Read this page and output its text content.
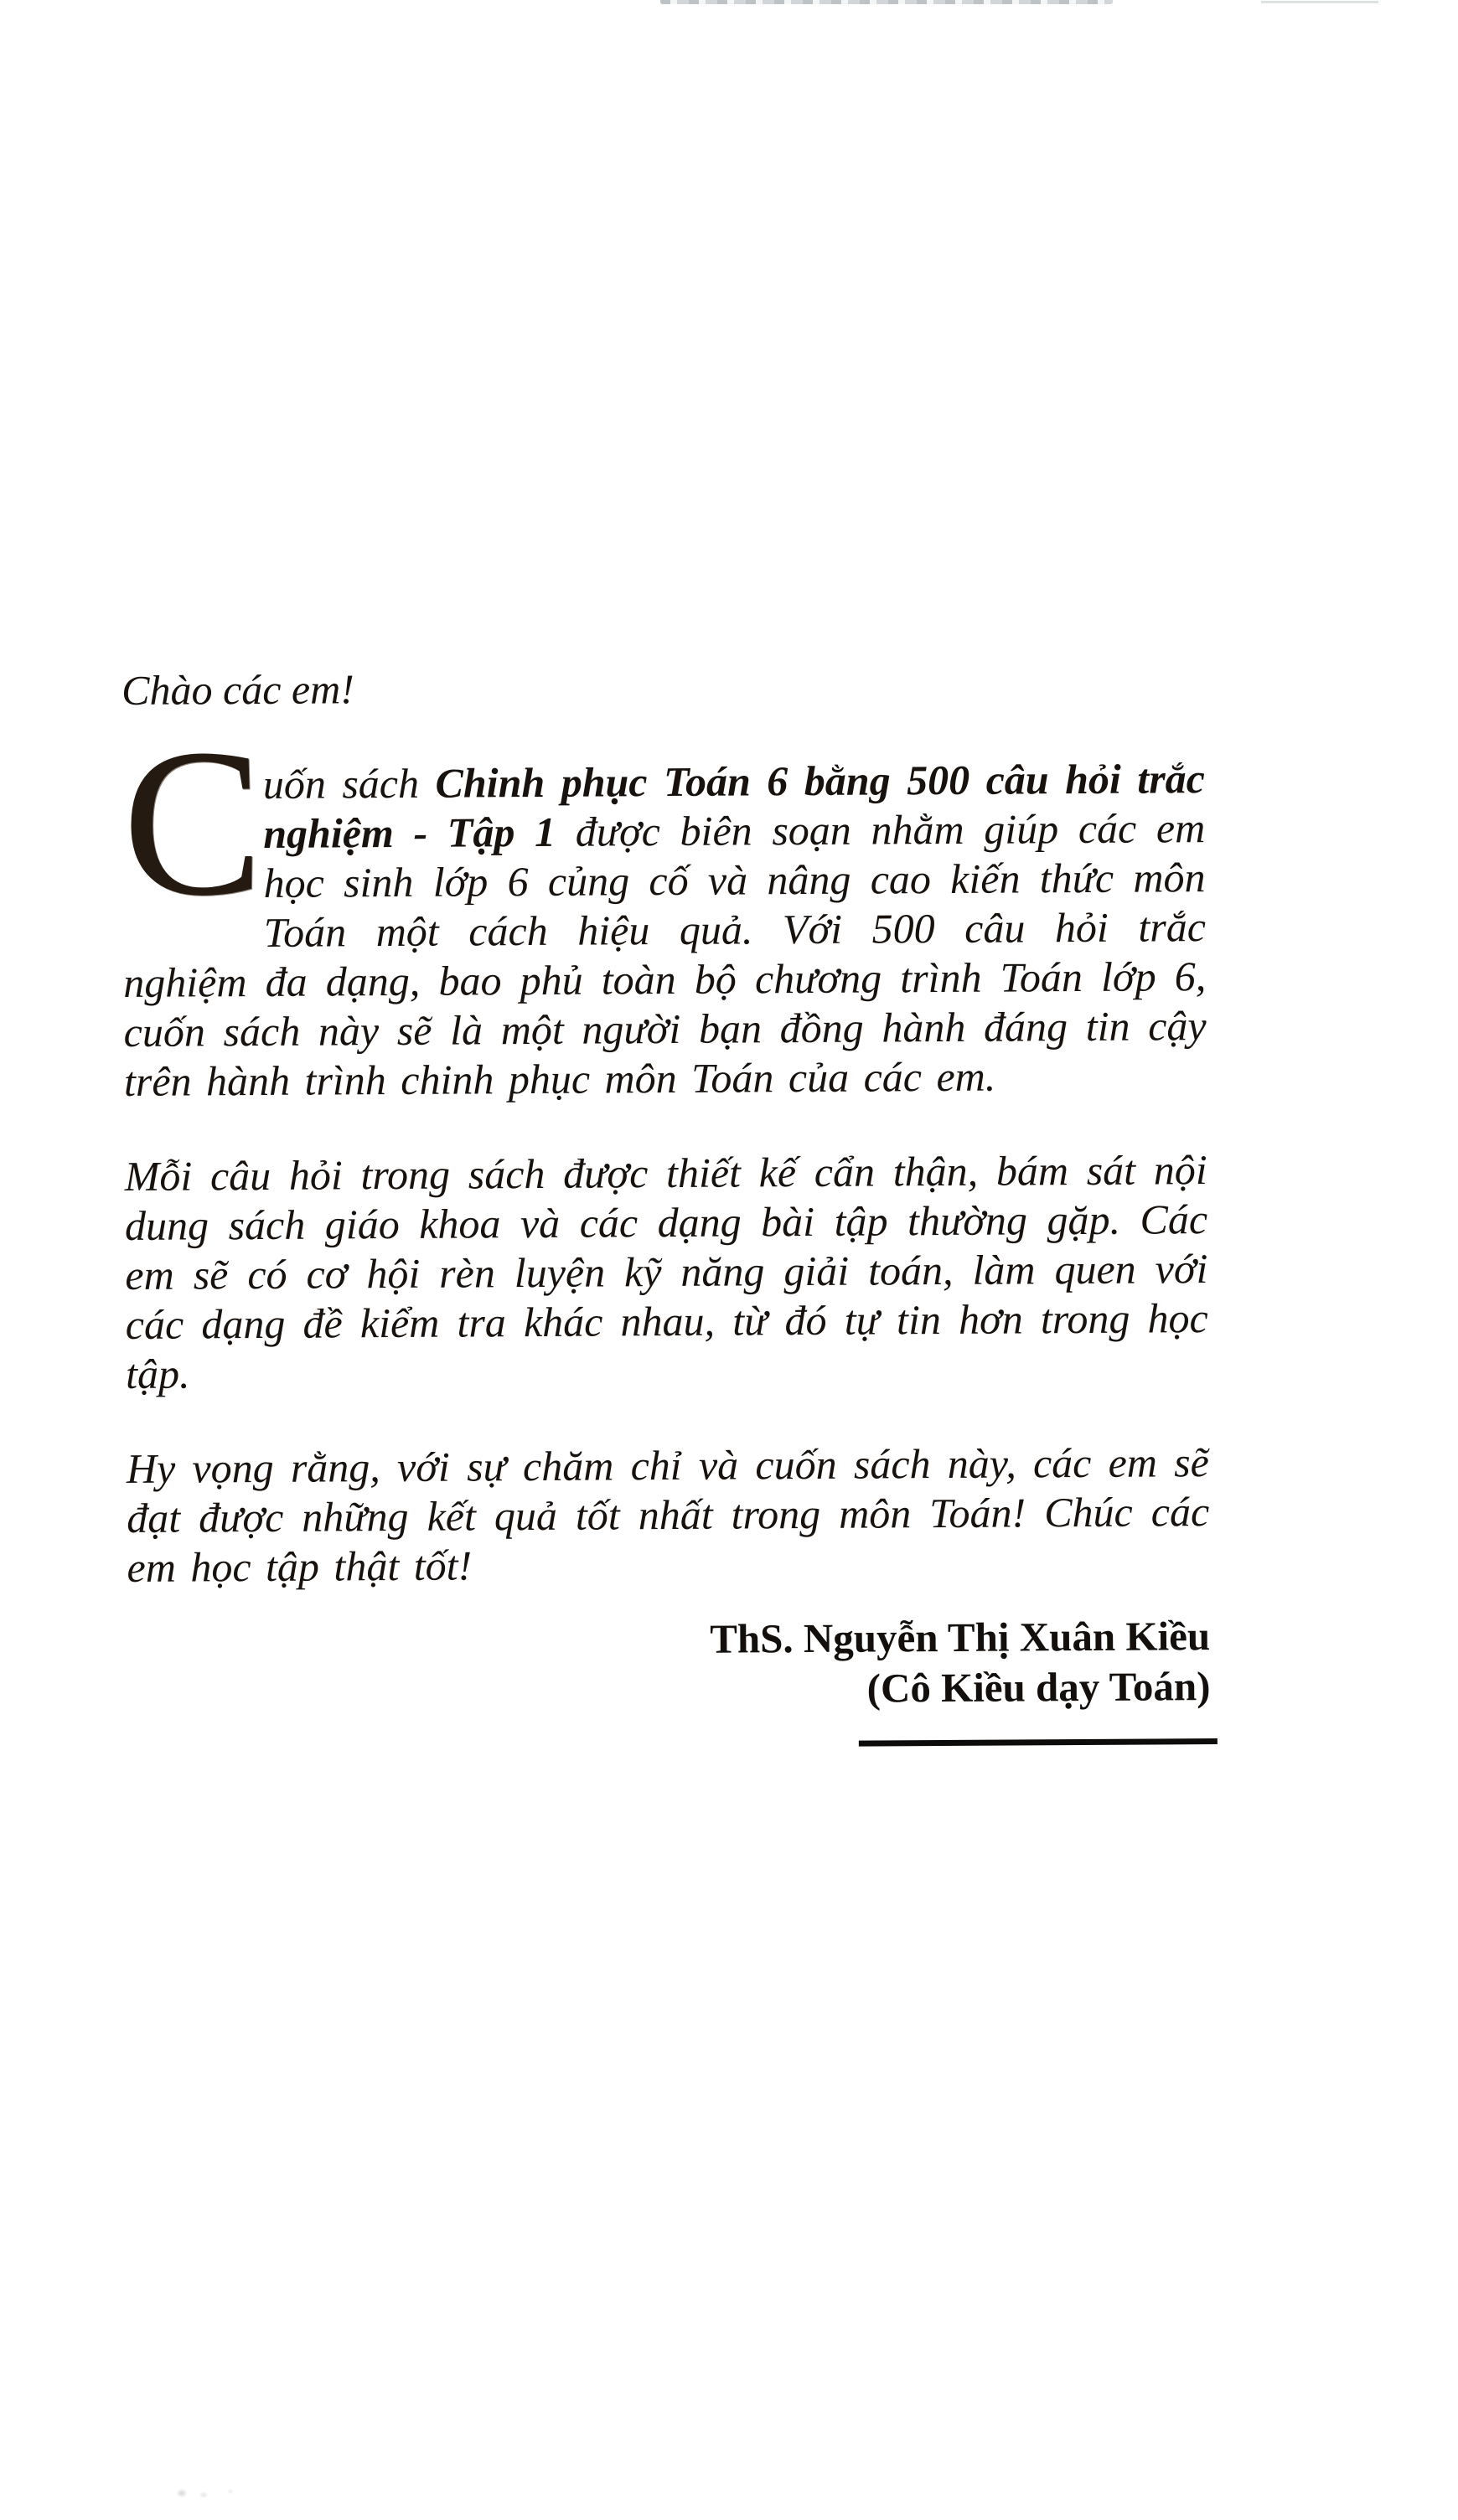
Chào các em!

C
uốn sách Chinh phục Toán 6 bằng 500 câu hỏi trắc nghiệm - Tập 1 được biên soạn nhằm giúp các em học sinh lớp 6 củng cố và nâng cao kiến thức môn Toán một cách hiệu quả. Với 500 câu hỏi trắc nghiệm đa dạng, bao phủ toàn bộ chương trình Toán lớp 6, cuốn sách này sẽ là một người bạn đồng hành đáng tin cậy trên hành trình chinh phục môn Toán của các em.

Mỗi câu hỏi trong sách được thiết kế cẩn thận, bám sát nội dung sách giáo khoa và các dạng bài tập thường gặp. Các em sẽ có cơ hội rèn luyện kỹ năng giải toán, làm quen với các dạng đề kiểm tra khác nhau, từ đó tự tin hơn trong học tập.

Hy vọng rằng, với sự chăm chỉ và cuốn sách này, các em sẽ đạt được những kết quả tốt nhất trong môn Toán! Chúc các em học tập thật tốt!

ThS. Nguyễn Thị Xuân Kiều
(Cô Kiều dạy Toán)
